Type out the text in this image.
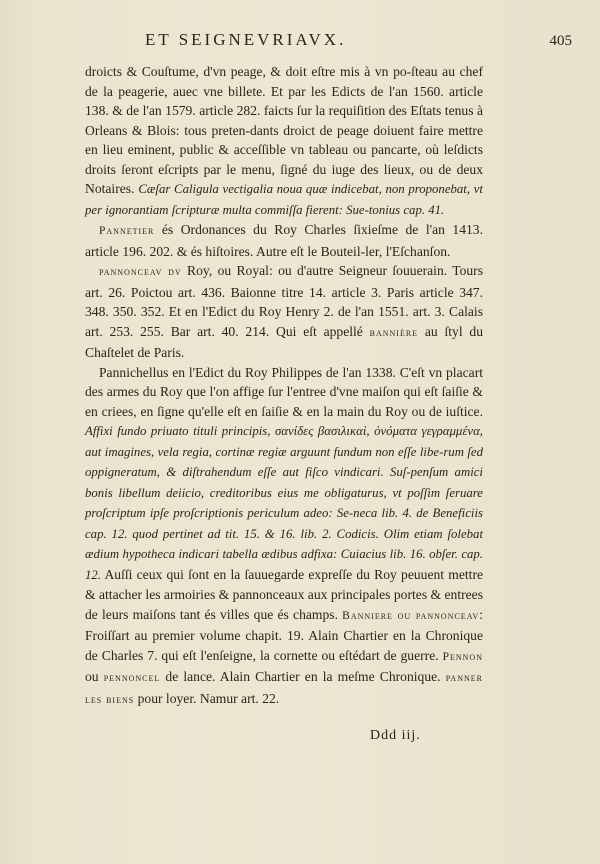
ET SEIGNEVRIAVX.	405

droicts & Couſtume, d'vn peage, & doit eſtre mis à vn po-ſteau au chef de la peagerie, auec vne billete. Et par les Edicts de l'an 1560. article 138. & de l'an 1579. article 282. faicts ſur la requiſition des Eſtats tenus à Orleans & Blois: tous preten-dants droict de peage doiuent faire mettre en lieu eminent, public & acceſſible vn tableau ou pancarte, où leſdicts droits ſeront eſcripts par le menu, ſigné du iuge des lieux, ou de deux Notaires. Cæſar Caligula vectigalia noua quæ indicebat, non proponebat, vt per ignorantiam ſcripturæ multa commiſſa fierent: Sue-tonius cap. 41.

Pannetier és Ordonances du Roy Charles ſixieſme de l'an 1413. article 196. 202. & és hiſtoires. Autre eſt le Bouteil-ler, l'Eſchanſon.

pannonceav dv Roy, ou Royal: ou d'autre Seigneur ſouuerain. Tours art. 26. Poictou art. 436. Baionne titre 14. article 3. Paris article 347. 348. 350. 352. Et en l'Edict du Roy Henry 2. de l'an 1551. art. 3. Calais art. 253. 255. Bar art. 40. 214. Qui eſt appellé bannière au ſtyl du Chaſtelet de Paris.

Pannichellus en l'Edict du Roy Philippes de l'an 1338. C'eſt vn placart des armes du Roy que l'on affige ſur l'entree d'vne maiſon qui eſt ſaiſie & en criees, en ſigne qu'elle eſt en ſaiſie & en la main du Roy ou de iuſtice. Affixi fundo priuato tituli principis, σανίδες βασιλικαὶ, ὀνόματα γεγραμμένα, aut imagines, vela regia, cortinæ regiæ arguunt fundum non eſſe libe-rum ſed oppigneratum, & diſtrahendum eſſe aut fiſco vindicari. Suſ-penſum amici bonis libellum deiicio, creditoribus eius me obligaturus, vt poſſim ſeruare proſcriptum ipſe proſcriptionis periculum adeo: Se-neca lib. 4. de Beneficiis cap. 12. quod pertinet ad tit. 15. & 16. lib. 2. Codicis. Olim etiam ſolebat ædium hypotheca indicari tabella ædibus adfixa: Cuiacius lib. 16. obſer. cap. 12. Auſſi ceux qui ſont en la ſauuegarde expreſſe du Roy peuuent mettre & attacher les armoiries & pannonceaux aux principales portes & entrees de leurs maiſons tant és villes que és champs. Banniere ou pannonceav: Froiſſart au premier volume chapit. 19. Alain Chartier en la Chronique de Charles 7. qui eſt l'enſeigne, la cornette ou eſtédart de guerre. Pennon ou pennoncel de lance. Alain Chartier en la meſme Chronique. panner les biens pour loyer. Namur art. 22.

Ddd iij.
